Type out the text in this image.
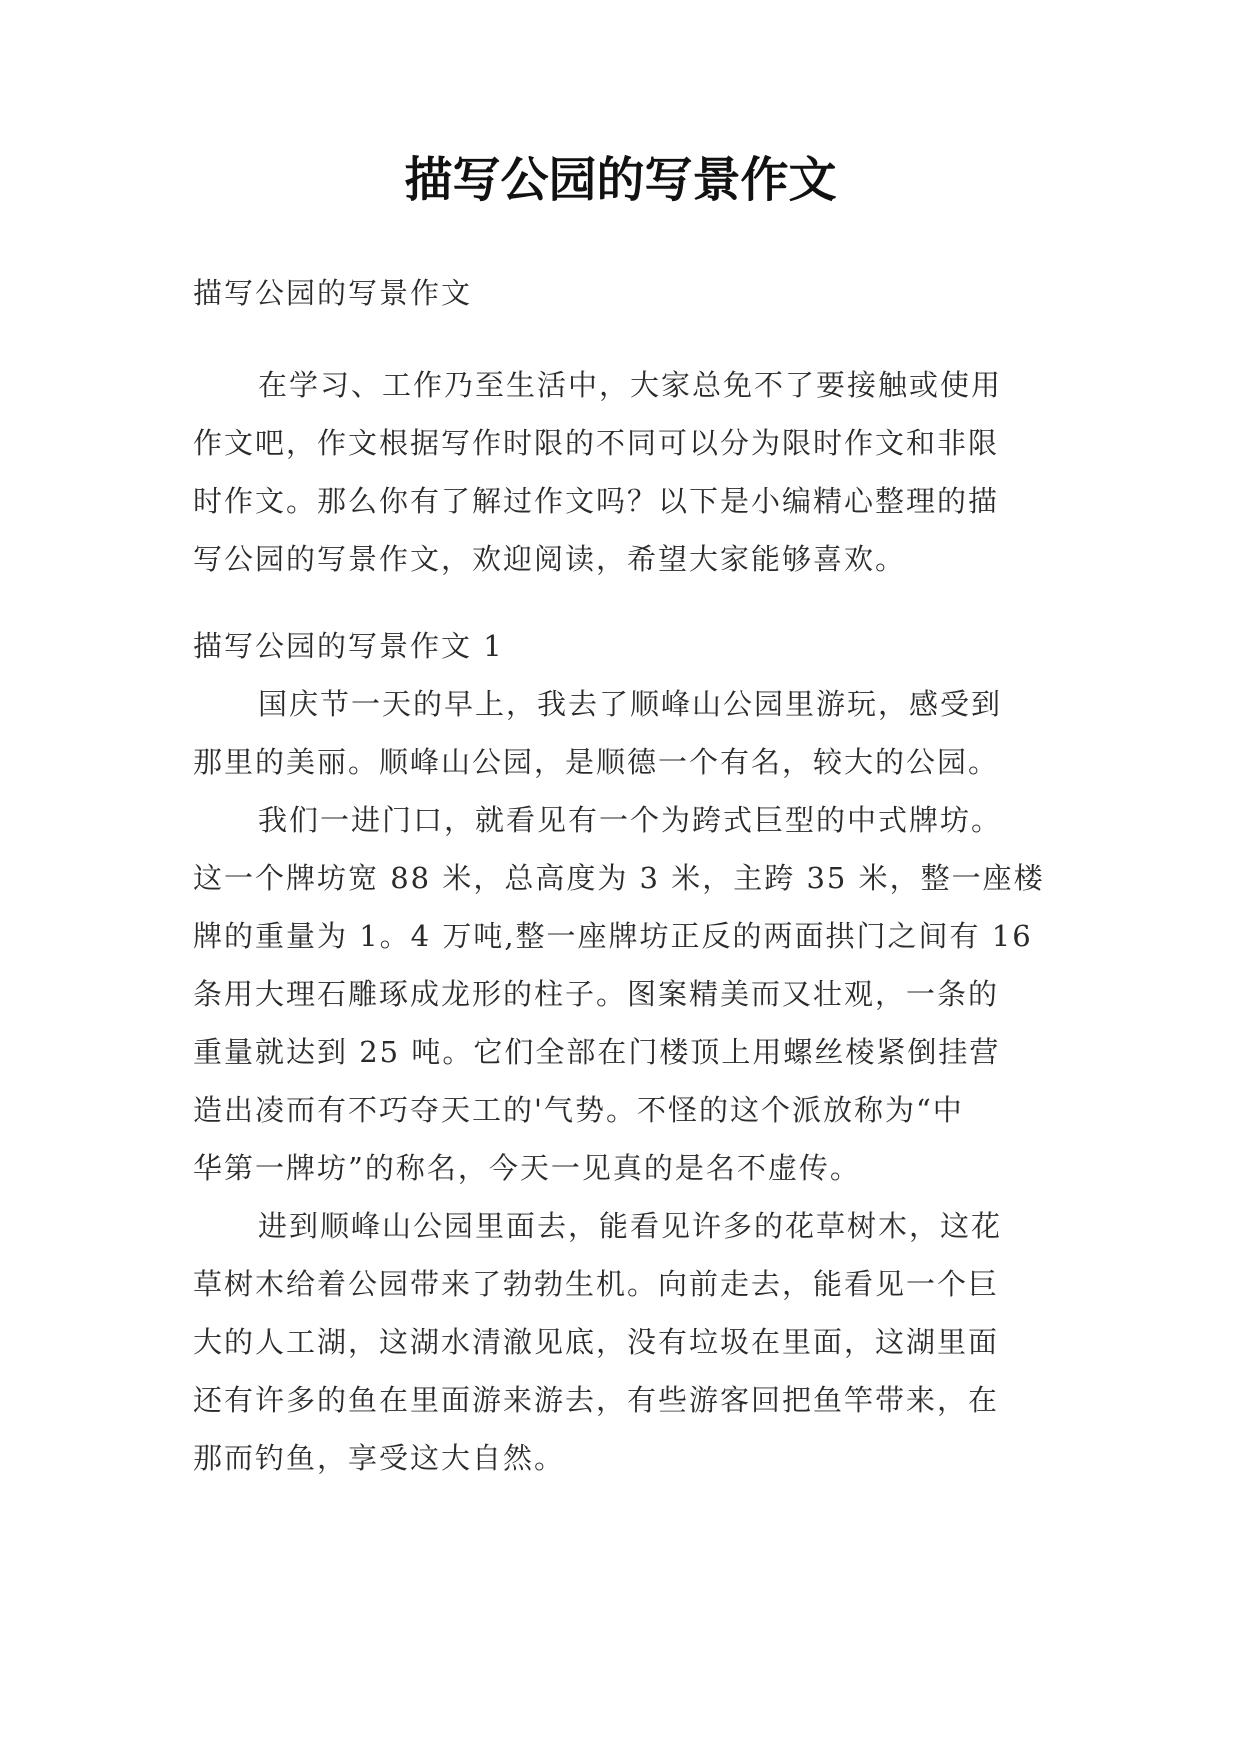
描写公园的写景作文

描写公园的写景作文

在学习、工作乃至生活中，大家总免不了要接触或使用
作文吧，作文根据写作时限的不同可以分为限时作文和非限
时作文。那么你有了解过作文吗？以下是小编精心整理的描
写公园的写景作文，欢迎阅读，希望大家能够喜欢。
描写公园的写景作文 1
国庆节一天的早上，我去了顺峰山公园里游玩，感受到
那里的美丽。顺峰山公园，是顺德一个有名，较大的公园。
我们一进门口，就看见有一个为跨式巨型的中式牌坊。
这一个牌坊宽 88 米，总高度为 3 米，主跨 35 米，整一座楼
牌的重量为 1。4 万吨,整一座牌坊正反的两面拱门之间有 16
条用大理石雕琢成龙形的柱子。图案精美而又壮观，一条的
重量就达到 25 吨。它们全部在门楼顶上用螺丝棱紧倒挂营
造出凌而有不巧夺天工的'气势。不怪的这个派放称为“中
华第一牌坊”的称名，今天一见真的是名不虚传。
进到顺峰山公园里面去，能看见许多的花草树木，这花
草树木给着公园带来了勃勃生机。向前走去，能看见一个巨
大的人工湖，这湖水清澈见底，没有垃圾在里面，这湖里面
还有许多的鱼在里面游来游去，有些游客回把鱼竿带来，在
那而钓鱼，享受这大自然。
